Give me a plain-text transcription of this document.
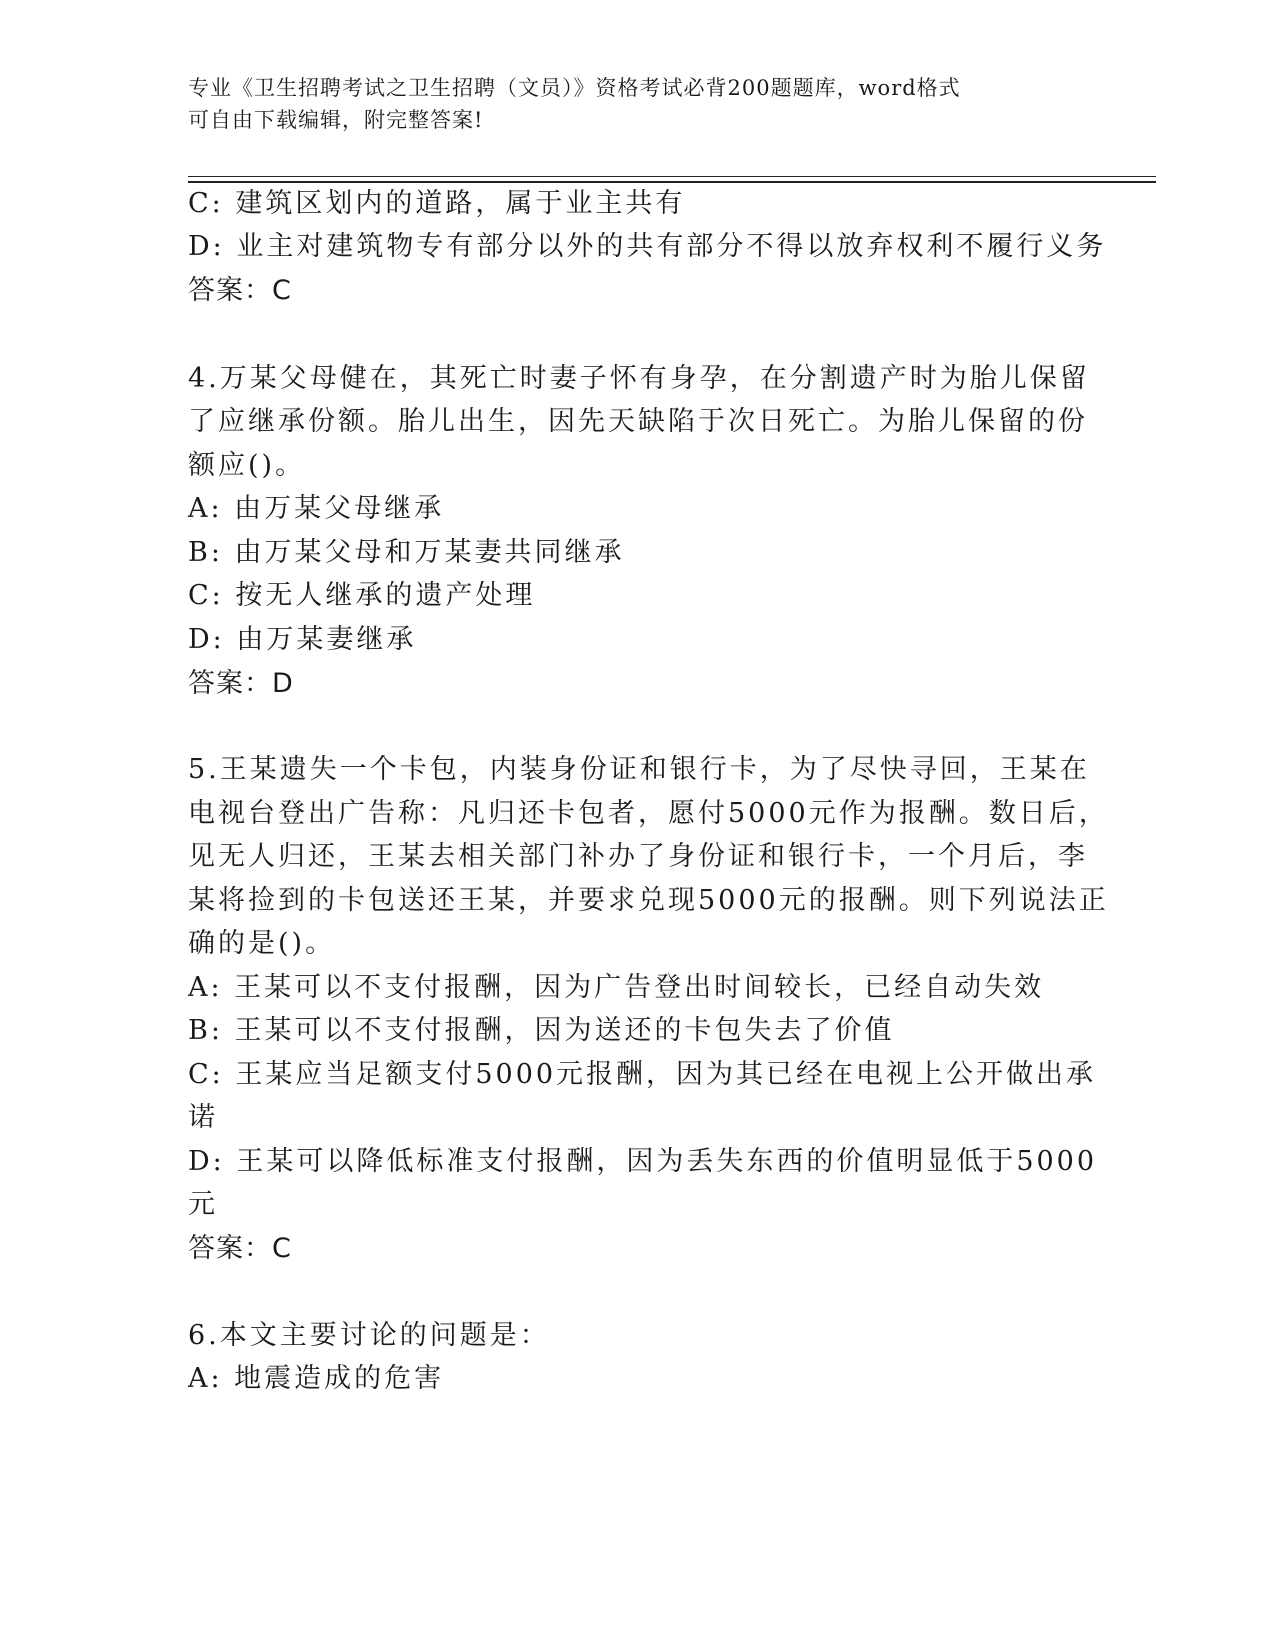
专业《卫生招聘考试之卫生招聘（文员）》资格考试必背200题题库，word格式
可自由下载编辑，附完整答案!
C: 建筑区划内的道路，属于业主共有
D: 业主对建筑物专有部分以外的共有部分不得以放弃权利不履行义务
答案：C
4.万某父母健在，其死亡时妻子怀有身孕，在分割遗产时为胎儿保留
了应继承份额。胎儿出生，因先天缺陷于次日死亡。为胎儿保留的份
额应()。
A: 由万某父母继承
B: 由万某父母和万某妻共同继承
C: 按无人继承的遗产处理
D: 由万某妻继承
答案：D
5.王某遗失一个卡包，内装身份证和银行卡，为了尽快寻回，王某在
电视台登出广告称：凡归还卡包者，愿付5000元作为报酬。数日后，
见无人归还，王某去相关部门补办了身份证和银行卡，一个月后，李
某将捡到的卡包送还王某，并要求兑现5000元的报酬。则下列说法正
确的是()。
A: 王某可以不支付报酬，因为广告登出时间较长，已经自动失效
B: 王某可以不支付报酬，因为送还的卡包失去了价值
C: 王某应当足额支付5000元报酬，因为其已经在电视上公开做出承
诺
D: 王某可以降低标准支付报酬，因为丢失东西的价值明显低于5000
元
答案：C
6.本文主要讨论的问题是：
A: 地震造成的危害
